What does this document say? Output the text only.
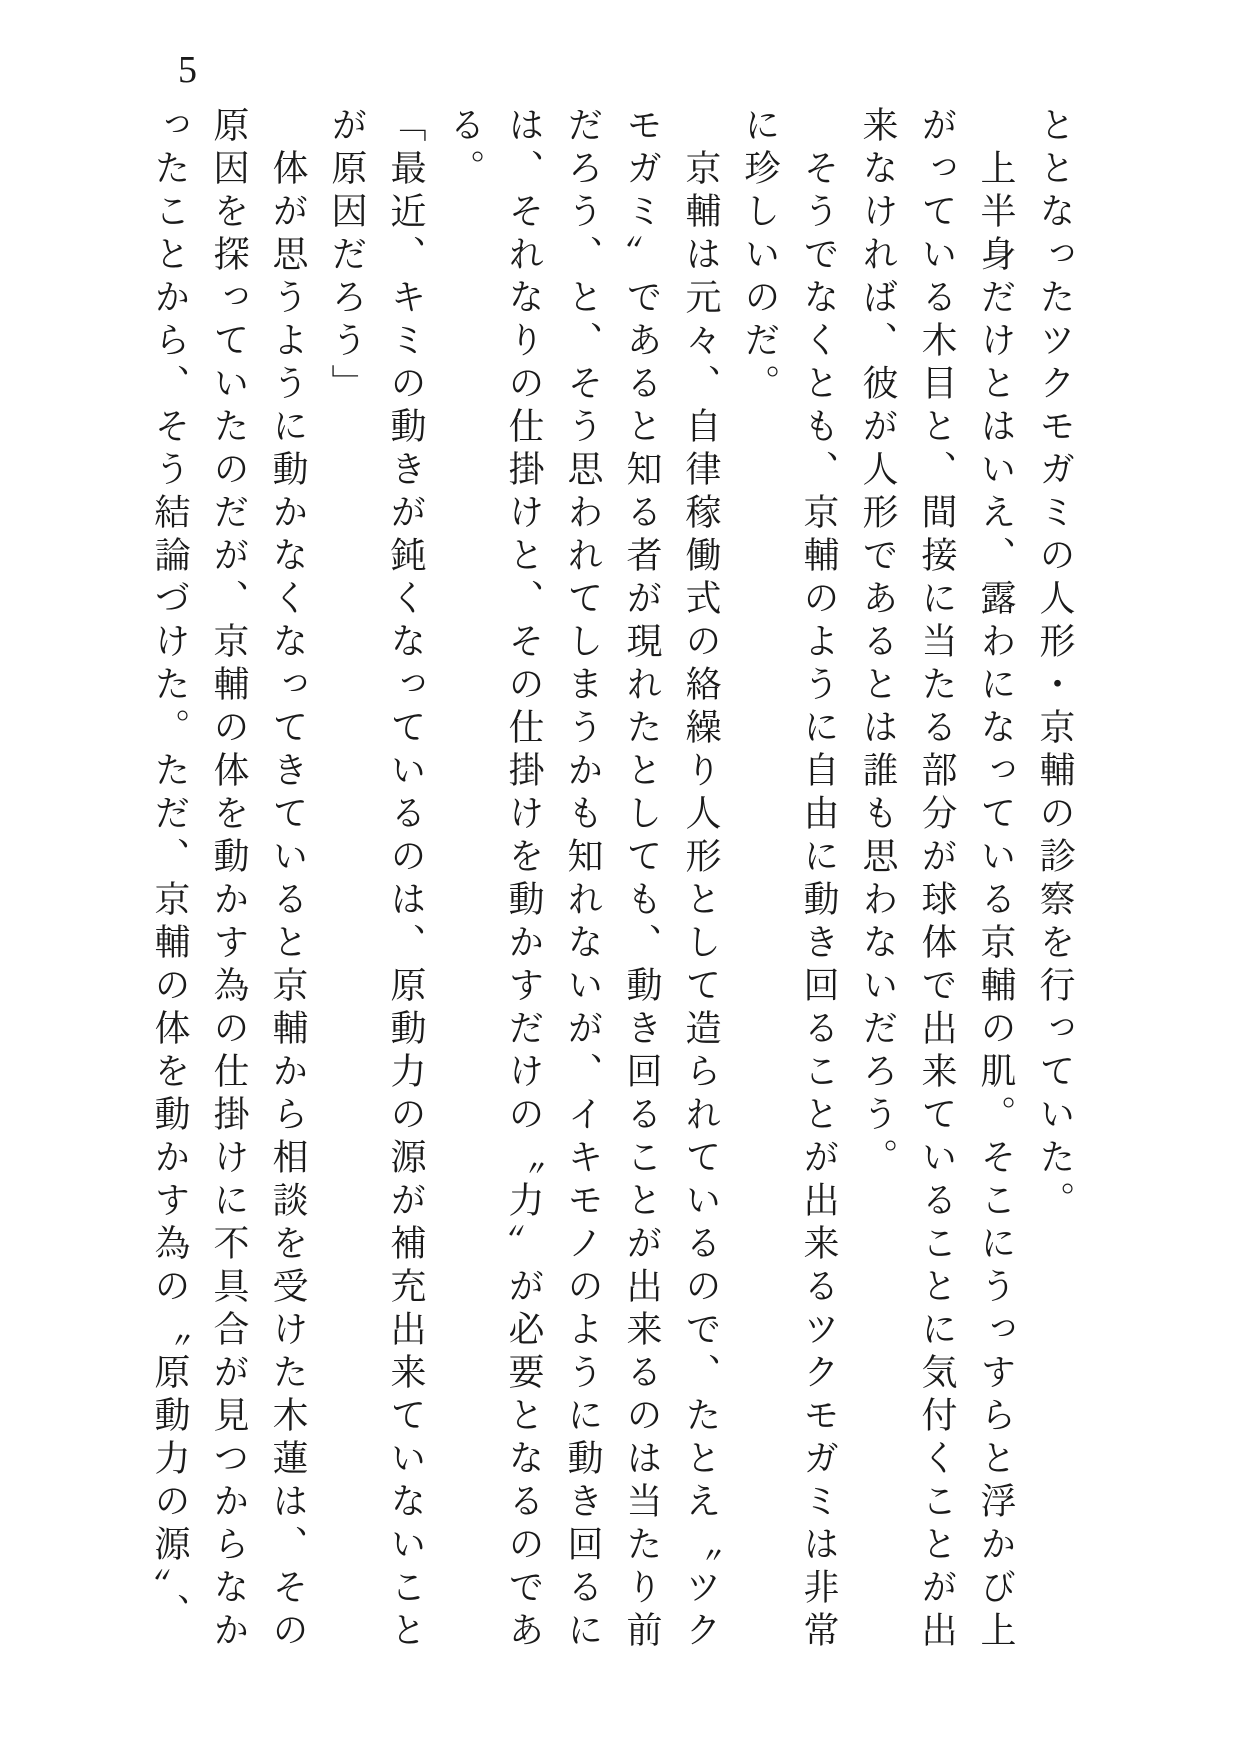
5

ととなったツクモガミの人形・京輔の診察を行っていた。

　上半身だけとはいえ、露わになっている京輔の肌。そこにうっすらと浮かび上

がっている木目と、間接に当たる部分が球体で出来ていることに気付くことが出

来なければ、彼が人形であるとは誰も思わないだろう。

　そうでなくとも、京輔のように自由に動き回ることが出来るツクモガミは非常

に珍しいのだ。

　京輔は元々、自律稼働式の絡繰り人形として造られているので、たとえ〝ツク

モガミ〟であると知る者が現れたとしても、動き回ることが出来るのは当たり前

だろう、と、そう思われてしまうかも知れないが、イキモノのように動き回るに

は、それなりの仕掛けと、その仕掛けを動かすだけの〝力〟が必要となるのであ

る。

「最近、キミの動きが鈍くなっているのは、原動力の源が補充出来ていないこと

が原因だろう」

　体が思うように動かなくなってきていると京輔から相談を受けた木蓮は、その

原因を探っていたのだが、京輔の体を動かす為の仕掛けに不具合が見つからなか

ったことから、そう結論づけた。ただ、京輔の体を動かす為の〝原動力の源〟、
